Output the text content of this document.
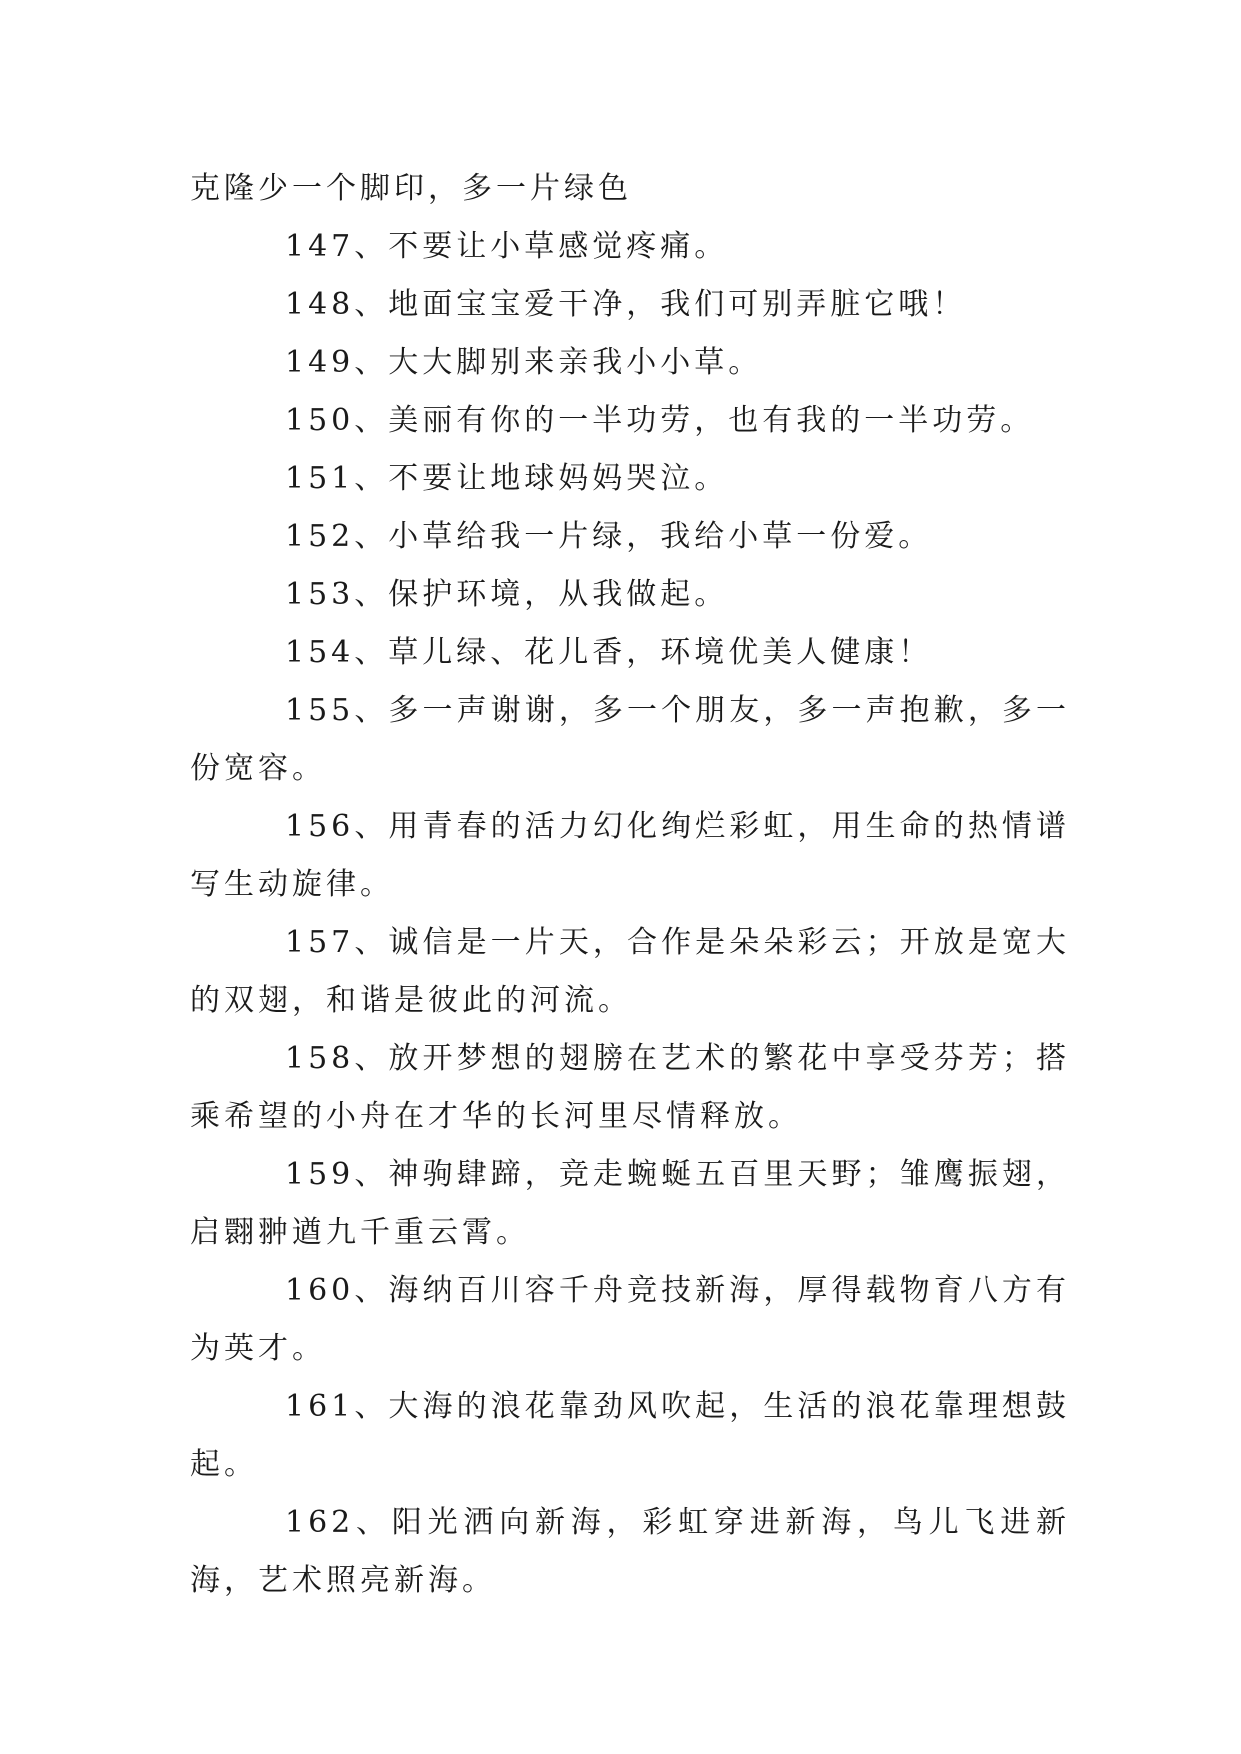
克隆少一个脚印，多一片绿色

147、不要让小草感觉疼痛。

148、地面宝宝爱干净，我们可别弄脏它哦！

149、大大脚别来亲我小小草。

150、美丽有你的一半功劳，也有我的一半功劳。

151、不要让地球妈妈哭泣。

152、小草给我一片绿，我给小草一份爱。

153、保护环境，从我做起。

154、草儿绿、花儿香，环境优美人健康！

155、多一声谢谢，多一个朋友，多一声抱歉，多一份宽容。

156、用青春的活力幻化绚烂彩虹，用生命的热情谱写生动旋律。

157、诚信是一片天，合作是朵朵彩云；开放是宽大的双翅，和谐是彼此的河流。

158、放开梦想的翅膀在艺术的繁花中享受芬芳；搭乘希望的小舟在才华的长河里尽情释放。

159、神驹肆蹄，竞走蜿蜒五百里天野；雏鹰振翅，启翾翀遒九千重云霄。

160、海纳百川容千舟竞技新海，厚得载物育八方有为英才。

161、大海的浪花靠劲风吹起，生活的浪花靠理想鼓起。

162、阳光洒向新海，彩虹穿进新海，鸟儿飞进新海，艺术照亮新海。
